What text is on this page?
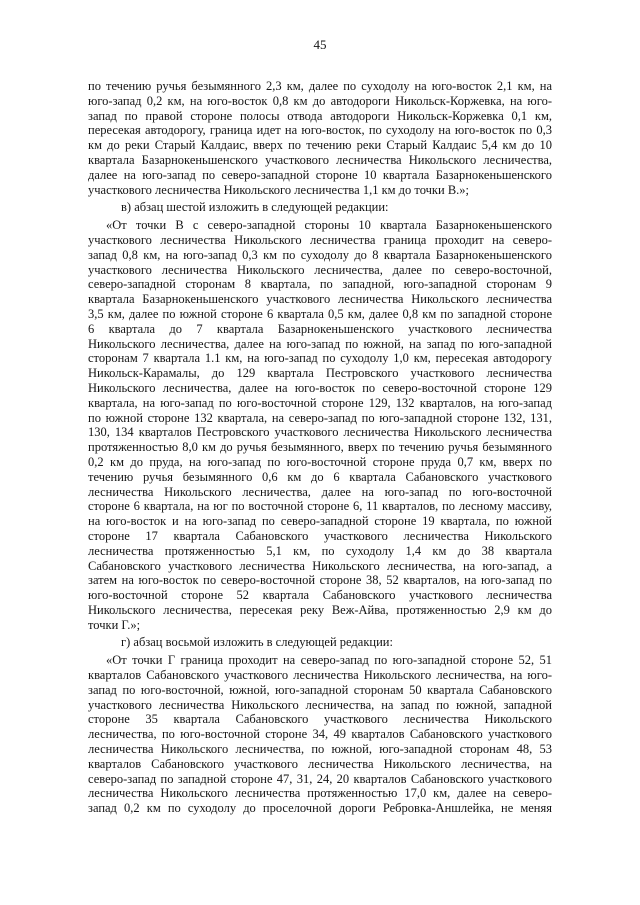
45
по течению ручья безымянного 2,3 км, далее по суходолу на юго-восток 2,1 км, на
юго-запад 0,2 км, на юго-восток 0,8 км до автодороги Никольск-Коржевка, на юго-
запад по правой стороне полосы отвода автодороги Никольск-Коржевка 0,1 км,
пересекая автодорогу, граница идет на юго-восток, по суходолу на юго-восток по 0,3
км до реки Старый Калдаис, вверх по течению реки Старый Калдаис 5,4 км до 10
квартала Базарнокеньшенского участкового лесничества Никольского лесничества,
далее на юго-запад по северо-западной стороне 10 квартала Базарнокеньшенского
участкового лесничества Никольского лесничества 1,1 км до точки В.»;
в) абзац шестой изложить в следующей редакции:
«От точки В с северо-западной стороны 10 квартала Базарнокеньшенского
участкового лесничества Никольского лесничества граница проходит на северо-
запад 0,8 км, на юго-запад 0,3 км по суходолу до 8 квартала Базарнокеньшенского
участкового лесничества Никольского лесничества, далее по северо-восточной,
северо-западной сторонам 8 квартала, по западной, юго-западной сторонам 9
квартала Базарнокеньшенского участкового лесничества Никольского лесничества
3,5 км, далее по южной стороне 6 квартала 0,5 км, далее 0,8 км по западной стороне
6 квартала до 7 квартала Базарнокеньшенского участкового лесничества
Никольского лесничества, далее на юго-запад по южной, на запад по юго-западной
сторонам 7 квартала 1.1 км, на юго-запад по суходолу 1,0 км, пересекая автодорогу
Никольск-Карамалы, до 129 квартала Пестровского участкового лесничества
Никольского лесничества, далее на юго-восток по северо-восточной стороне 129
квартала, на юго-запад по юго-восточной стороне 129, 132 кварталов, на юго-запад
по южной стороне 132 квартала, на северо-запад по юго-западной стороне 132, 131,
130, 134 кварталов Пестровского участкового лесничества Никольского лесничества
протяженностью 8,0 км до ручья безымянного, вверх по течению ручья безымянного
0,2 км до пруда, на юго-запад по юго-восточной стороне пруда 0,7 км, вверх по
течению ручья безымянного 0,6 км до 6 квартала Сабановского участкового
лесничества Никольского лесничества, далее на юго-запад по юго-восточной
стороне 6 квартала, на юг по восточной стороне 6, 11 кварталов, по лесному массиву,
на юго-восток и на юго-запад по северо-западной стороне 19 квартала, по южной
стороне 17 квартала Сабановского участкового лесничества Никольского
лесничества протяженностью 5,1 км, по суходолу 1,4 км до 38 квартала
Сабановского участкового лесничества Никольского лесничества, на юго-запад, а
затем на юго-восток по северо-восточной стороне 38, 52 кварталов, на юго-запад по
юго-восточной стороне 52 квартала Сабановского участкового лесничества
Никольского лесничества, пересекая реку Веж-Айва, протяженностью 2,9 км до
точки Г.»;
г) абзац восьмой изложить в следующей редакции:
«От точки Г граница проходит на северо-запад по юго-западной стороне 52, 51
кварталов Сабановского участкового лесничества Никольского лесничества, на юго-
запад по юго-восточной, южной, юго-западной сторонам 50 квартала Сабановского
участкового лесничества Никольского лесничества, на запад по южной, западной
стороне 35 квартала Сабановского участкового лесничества Никольского
лесничества, по юго-восточной стороне 34, 49 кварталов Сабановского участкового
лесничества Никольского лесничества, по южной, юго-западной сторонам 48, 53
кварталов Сабановского участкового лесничества Никольского лесничества, на
северо-запад по западной стороне 47, 31, 24, 20 кварталов Сабановского участкового
лесничества Никольского лесничества протяженностью 17,0 км, далее на северо-
запад 0,2 км по суходолу до проселочной дороги Ребровка-Аншлейка, не меняя
